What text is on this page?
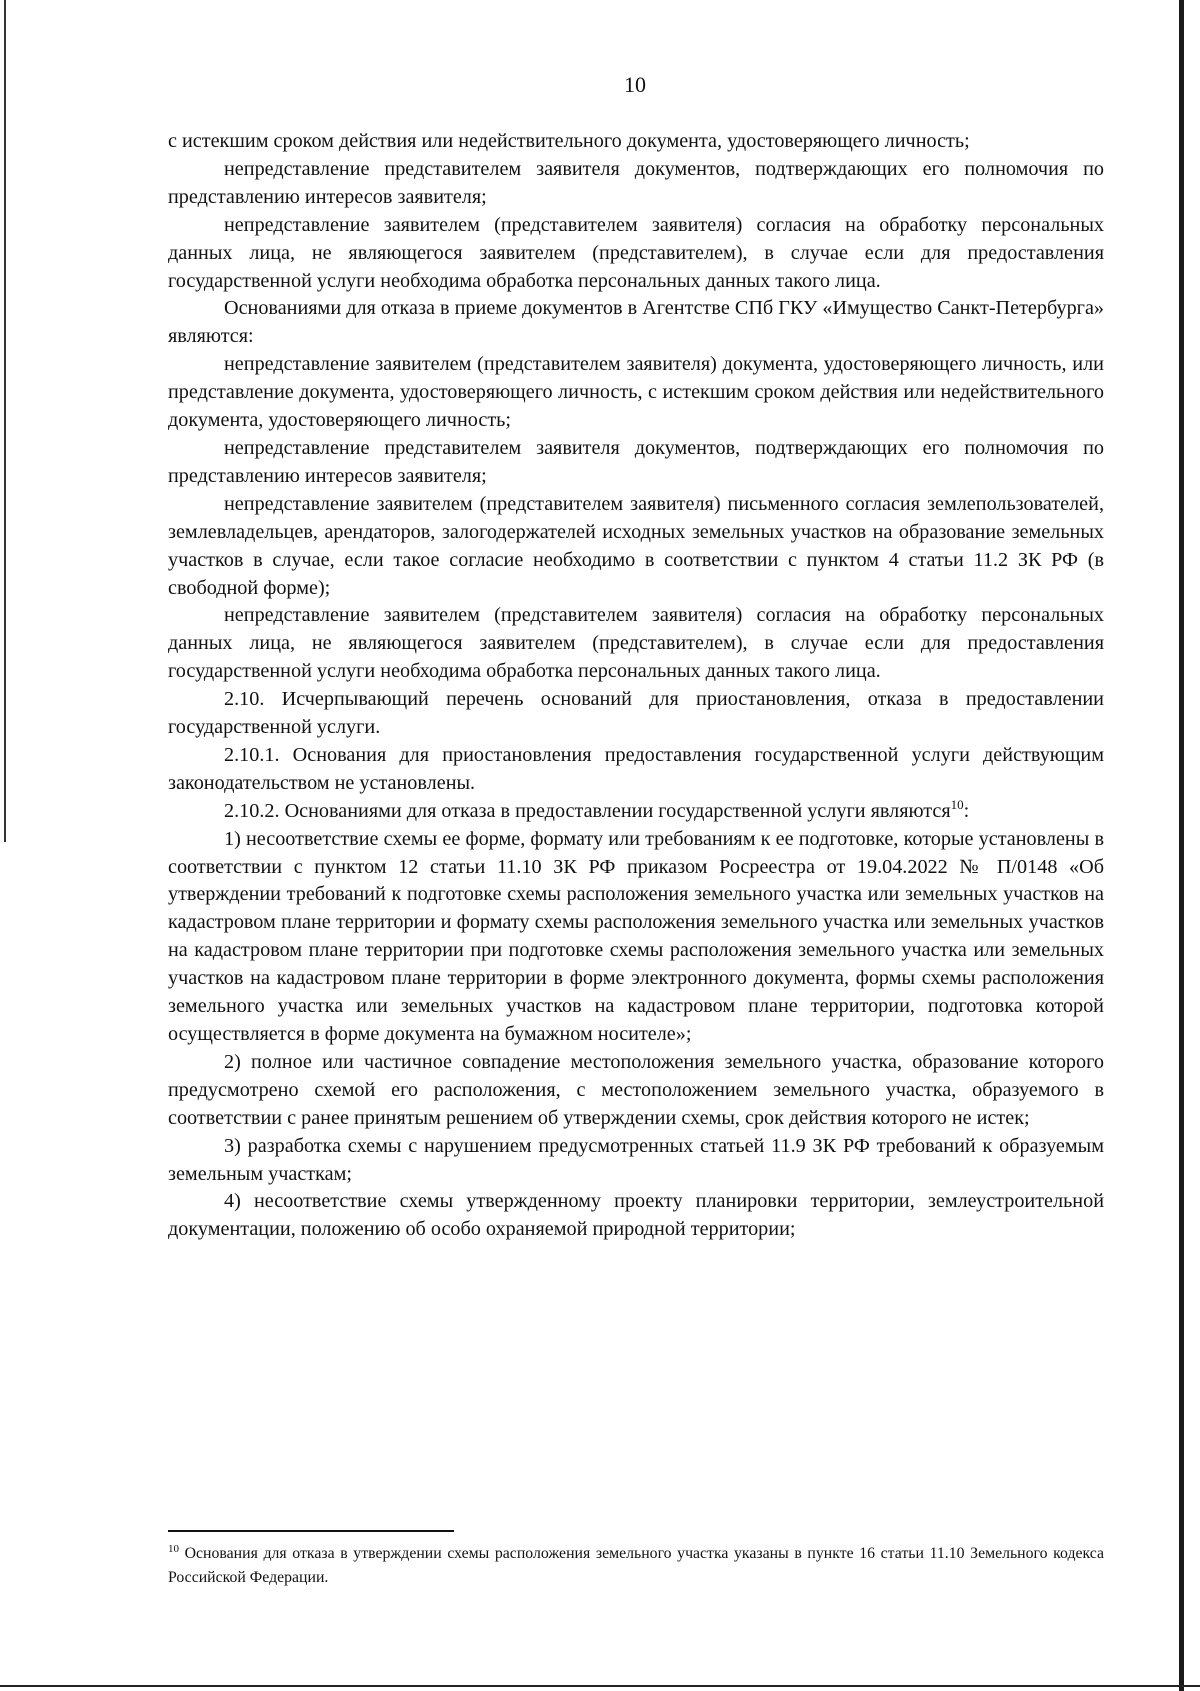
10

с истекшим сроком действия или недействительного документа, удостоверяющего личность;

непредставление представителем заявителя документов, подтверждающих его полномочия по представлению интересов заявителя;

непредставление заявителем (представителем заявителя) согласия на обработку персональных данных лица, не являющегося заявителем (представителем), в случае если для предоставления государственной услуги необходима обработка персональных данных такого лица.

Основаниями для отказа в приеме документов в Агентстве СПб ГКУ «Имущество Санкт-Петербурга» являются:

непредставление заявителем (представителем заявителя) документа, удостоверяющего личность, или представление документа, удостоверяющего личность, с истекшим сроком действия или недействительного документа, удостоверяющего личность;

непредставление представителем заявителя документов, подтверждающих его полномочия по представлению интересов заявителя;

непредставление заявителем (представителем заявителя) письменного согласия землепользователей, землевладельцев, арендаторов, залогодержателей исходных земельных участков на образование земельных участков в случае, если такое согласие необходимо в соответствии с пунктом 4 статьи 11.2 ЗК РФ (в свободной форме);

непредставление заявителем (представителем заявителя) согласия на обработку персональных данных лица, не являющегося заявителем (представителем), в случае если для предоставления государственной услуги необходима обработка персональных данных такого лица.

2.10. Исчерпывающий перечень оснований для приостановления, отказа в предоставлении государственной услуги.

2.10.1. Основания для приостановления предоставления государственной услуги действующим законодательством не установлены.

2.10.2. Основаниями для отказа в предоставлении государственной услуги являются$^{10}$:

1) несоответствие схемы ее форме, формату или требованиям к ее подготовке, которые установлены в соответствии с пунктом 12 статьи 11.10 ЗК РФ приказом Росреестра от 19.04.2022 № П/0148 «Об утверждении требований к подготовке схемы расположения земельного участка или земельных участков на кадастровом плане территории и формату схемы расположения земельного участка или земельных участков на кадастровом плане территории при подготовке схемы расположения земельного участка или земельных участков на кадастровом плане территории в форме электронного документа, формы схемы расположения земельного участка или земельных участков на кадастровом плане территории, подготовка которой осуществляется в форме документа на бумажном носителе»;

2) полное или частичное совпадение местоположения земельного участка, образование которого предусмотрено схемой его расположения, с местоположением земельного участка, образуемого в соответствии с ранее принятым решением об утверждении схемы, срок действия которого не истек;

3) разработка схемы с нарушением предусмотренных статьей 11.9 ЗК РФ требований к образуемым земельным участкам;

4) несоответствие схемы утвержденному проекту планировки территории, землеустроительной документации, положению об особо охраняемой природной территории;

$^{10}$ Основания для отказа в утверждении схемы расположения земельного участка указаны в пункте 16 статьи 11.10 Земельного кодекса Российской Федерации.
